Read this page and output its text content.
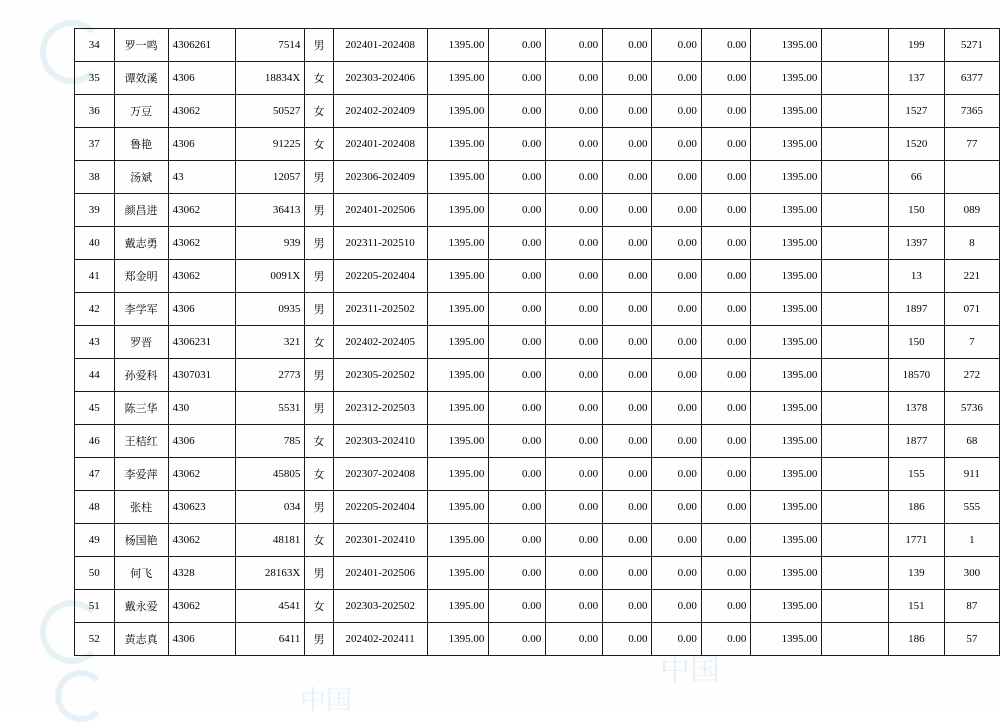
中国
中国
34	罗一鸣	4306261	7514	男	202401-202408	1395.00	0.00	0.00	0.00	0.00	0.00	1395.00		199	5271
35	谭效溪	4306	18834X	女	202303-202406	1395.00	0.00	0.00	0.00	0.00	0.00	1395.00		137	6377
36	万豆	43062	50527	女	202402-202409	1395.00	0.00	0.00	0.00	0.00	0.00	1395.00		1527	7365
37	鲁艳	4306	91225	女	202401-202408	1395.00	0.00	0.00	0.00	0.00	0.00	1395.00		1520	77
38	汤斌	43	12057	男	202306-202409	1395.00	0.00	0.00	0.00	0.00	0.00	1395.00		66	
39	颜昌进	43062	36413	男	202401-202506	1395.00	0.00	0.00	0.00	0.00	0.00	1395.00		150	089
40	戴志勇	43062	939	男	202311-202510	1395.00	0.00	0.00	0.00	0.00	0.00	1395.00		1397	8
41	郑金明	43062	0091X	男	202205-202404	1395.00	0.00	0.00	0.00	0.00	0.00	1395.00		13	221
42	李学军	4306	0935	男	202311-202502	1395.00	0.00	0.00	0.00	0.00	0.00	1395.00		1897	071
43	罗晋	4306231	321	女	202402-202405	1395.00	0.00	0.00	0.00	0.00	0.00	1395.00		150	7
44	孙爱科	4307031	2773	男	202305-202502	1395.00	0.00	0.00	0.00	0.00	0.00	1395.00		18570	272
45	陈三华	430	5531	男	202312-202503	1395.00	0.00	0.00	0.00	0.00	0.00	1395.00		1378	5736
46	王桔红	4306	785	女	202303-202410	1395.00	0.00	0.00	0.00	0.00	0.00	1395.00		1877	68
47	李爱萍	43062	45805	女	202307-202408	1395.00	0.00	0.00	0.00	0.00	0.00	1395.00		155	911
48	张柱	430623	034	男	202205-202404	1395.00	0.00	0.00	0.00	0.00	0.00	1395.00		186	555
49	杨国艳	43062	48181	女	202301-202410	1395.00	0.00	0.00	0.00	0.00	0.00	1395.00		1771	1
50	何飞	4328	28163X	男	202401-202506	1395.00	0.00	0.00	0.00	0.00	0.00	1395.00		139	300
51	戴永爱	43062	4541	女	202303-202502	1395.00	0.00	0.00	0.00	0.00	0.00	1395.00		151	87
52	黄志真	4306	6411	男	202402-202411	1395.00	0.00	0.00	0.00	0.00	0.00	1395.00		186	57
